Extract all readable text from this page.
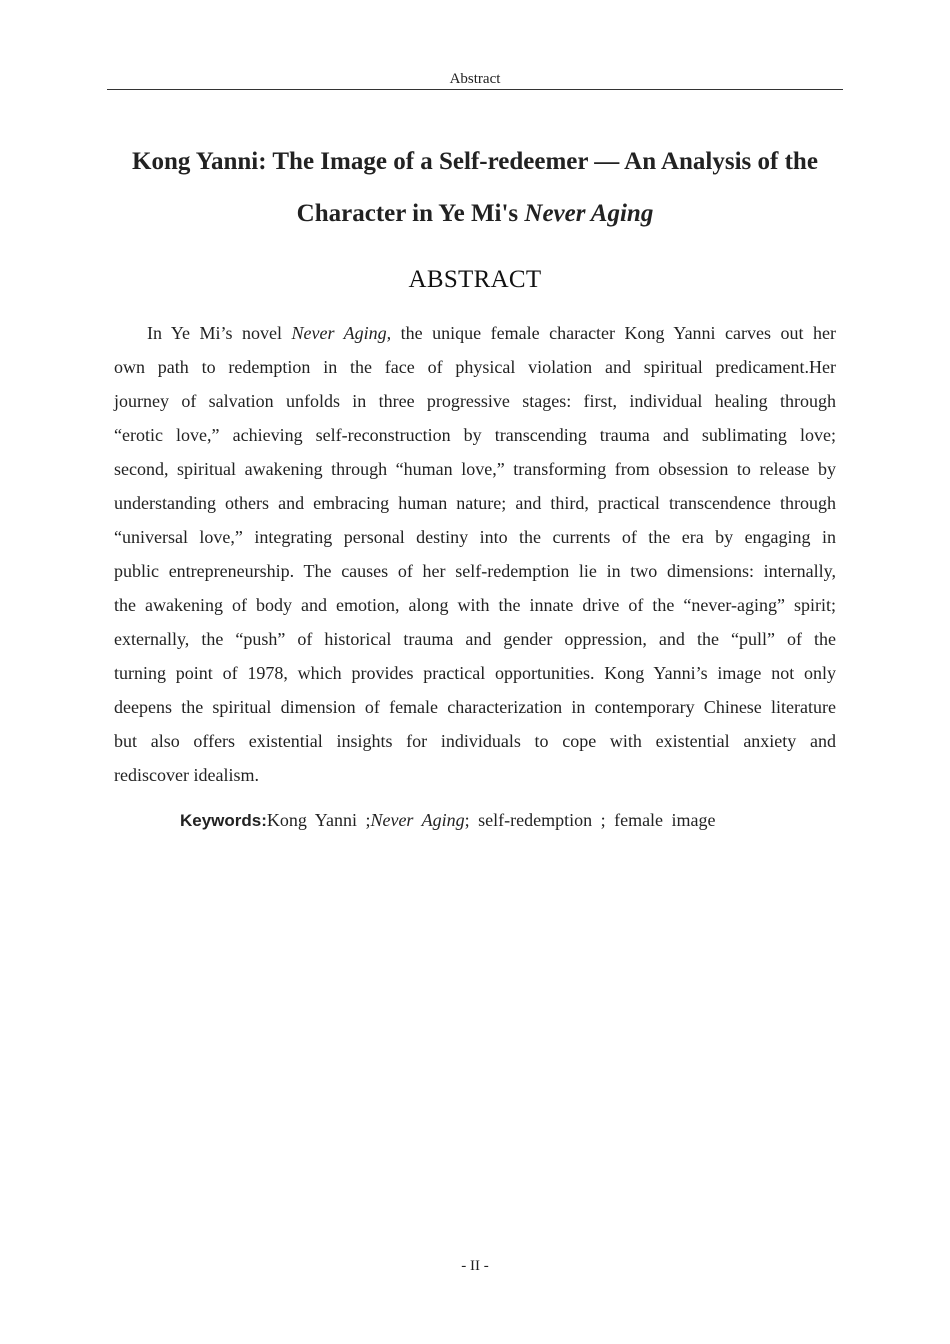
Abstract
Kong Yanni: The Image of a Self-redeemer — An Analysis of the
Character in Ye Mi's Never Aging
ABSTRACT
In Ye Mi’s novel Never Aging, the unique female character Kong Yanni carves out her
own path to redemption in the face of physical violation and spiritual predicament.Her
journey of salvation unfolds in three progressive stages: first, individual healing through
“erotic love,” achieving self-reconstruction by transcending trauma and sublimating love;
second, spiritual awakening through “human love,” transforming from obsession to release by
understanding others and embracing human nature; and third, practical transcendence through
“universal love,” integrating personal destiny into the currents of the era by engaging in
public entrepreneurship. The causes of her self-redemption lie in two dimensions: internally,
the awakening of body and emotion, along with the innate drive of the “never-aging” spirit;
externally, the “push” of historical trauma and gender oppression, and the “pull” of the
turning point of 1978, which provides practical opportunities. Kong Yanni’s image not only
deepens the spiritual dimension of female characterization in contemporary Chinese literature
but also offers existential insights for individuals to cope with existential anxiety and
rediscover idealism.
Keywords:Kong Yanni ;Never Aging; self-redemption ; female image
- II -
